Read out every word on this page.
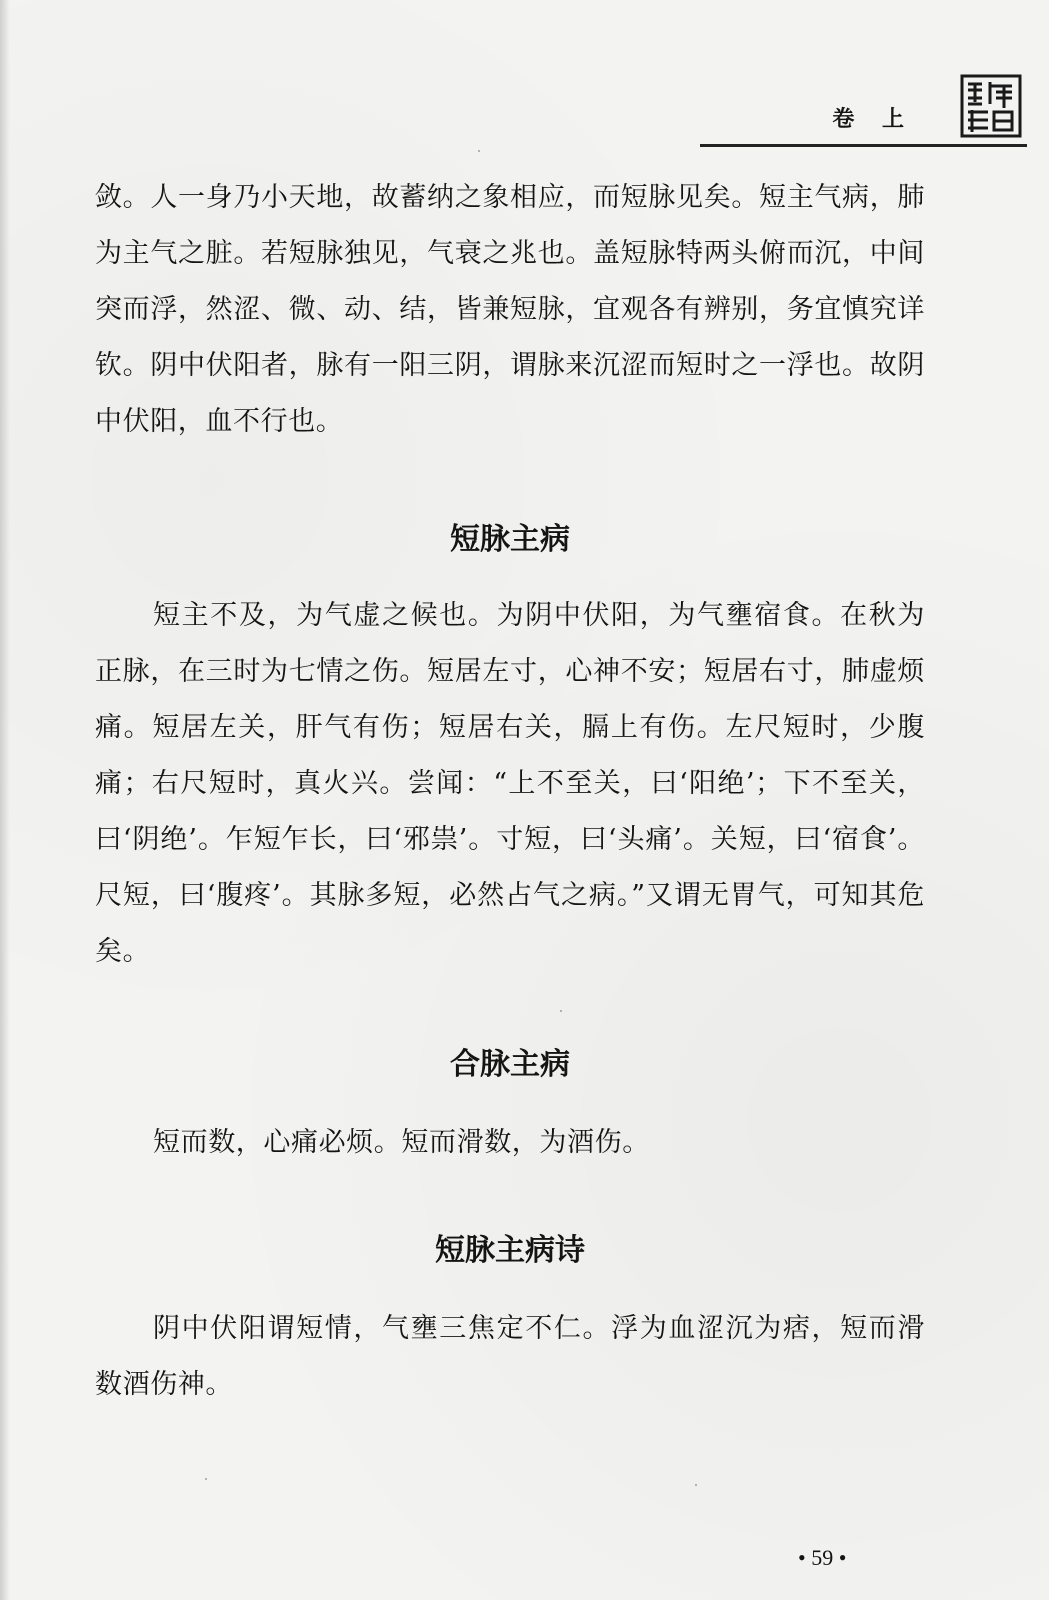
卷 上

敛。人一身乃小天地，故蓄纳之象相应，而短脉见矣。短主气病，肺为主气之脏。若短脉独见，气衰之兆也。盖短脉特两头俯而沉，中间突而浮，然涩、微、动、结，皆兼短脉，宜观各有辨别，务宜慎究详钦。阴中伏阳者，脉有一阳三阴，谓脉来沉涩而短时之一浮也。故阴中伏阳，血不行也。

短脉主病

短主不及，为气虚之候也。为阴中伏阳，为气壅宿食。在秋为正脉，在三时为七情之伤。短居左寸，心神不安；短居右寸，肺虚烦痛。短居左关，肝气有伤；短居右关，膈上有伤。左尺短时，少腹痛；右尺短时，真火兴。尝闻：“上不至关，曰‘阳绝’；下不至关，曰‘阴绝’。乍短乍长，曰‘邪祟’。寸短，曰‘头痛’。关短，曰‘宿食’。尺短，曰‘腹疼’。其脉多短，必然占气之病。”又谓无胃气，可知其危矣。

合脉主病

短而数，心痛必烦。短而滑数，为酒伤。

短脉主病诗

阴中伏阳谓短情，气壅三焦定不仁。浮为血涩沉为痞，短而滑数酒伤神。

• 59 •
